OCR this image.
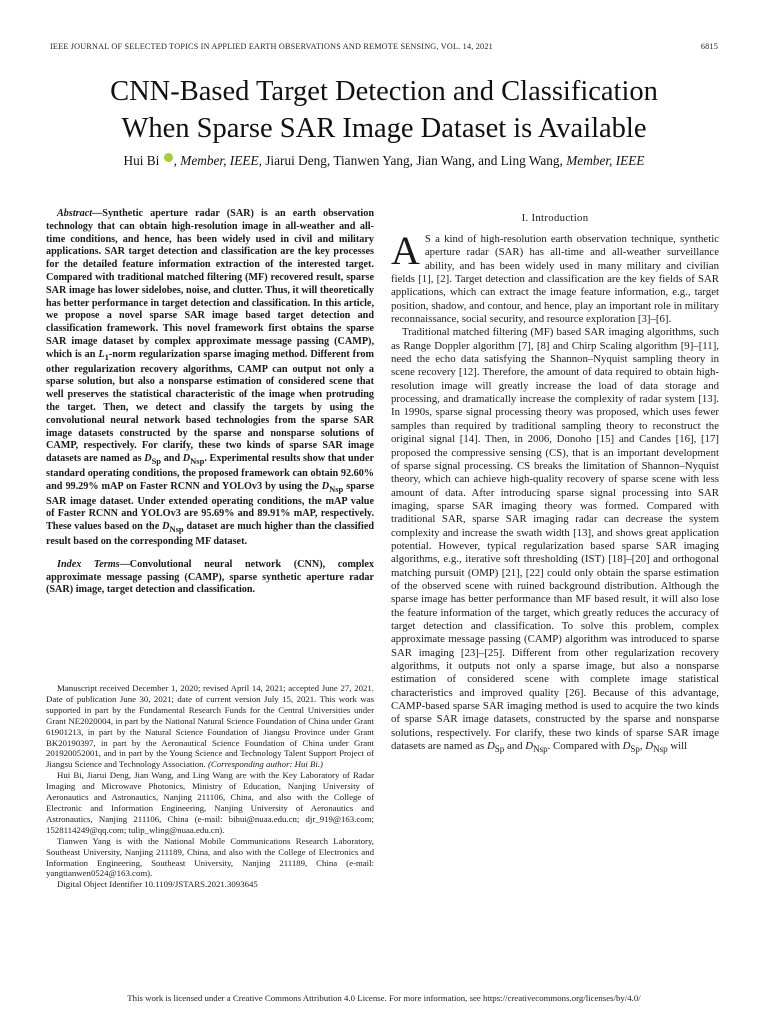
IEEE JOURNAL OF SELECTED TOPICS IN APPLIED EARTH OBSERVATIONS AND REMOTE SENSING, VOL. 14, 2021	6815
CNN-Based Target Detection and Classification
When Sparse SAR Image Dataset is Available
Hui Bi , Member, IEEE, Jiarui Deng, Tianwen Yang, Jian Wang, and Ling Wang, Member, IEEE

Abstract—Synthetic aperture radar (SAR) is an earth observation technology that can obtain high-resolution image in all-weather and all-time conditions, and hence, has been widely used in civil and military applications. SAR target detection and classification are the key processes for the detailed feature information extraction of the interested target. Compared with traditional matched filtering (MF) recovered result, sparse SAR image has lower sidelobes, noise, and clutter. Thus, it will theoretically has better performance in target detection and classification. In this article, we propose a novel sparse SAR image based target detection and classification framework. This novel framework first obtains the sparse SAR image dataset by complex approximate message passing (CAMP), which is an $L_1$-norm regularization sparse imaging method. Different from other regularization recovery algorithms, CAMP can output not only a sparse solution, but also a nonsparse estimation of considered scene that well preserves the statistical characteristic of the image when protruding the target. Then, we detect and classify the targets by using the convolutional neural network based technologies from the sparse SAR image datasets constructed by the sparse and nonsparse solutions of CAMP, respectively. For clarify, these two kinds of sparse SAR image datasets are named as $D_{Sp}$ and $D_{Nsp}$. Experimental results show that under standard operating conditions, the proposed framework can obtain 92.60% and 99.29% mAP on Faster RCNN and YOLOv3 by using the $D_{Nsp}$ sparse SAR image dataset. Under extended operating conditions, the mAP value of Faster RCNN and YOLOv3 are 95.69% and 89.91% mAP, respectively. These values based on the $D_{Nsp}$ dataset are much higher than the classified result based on the corresponding MF dataset.

Index Terms—Convolutional neural network (CNN), complex approximate message passing (CAMP), sparse synthetic aperture radar (SAR) image, target detection and classification.

Manuscript received December 1, 2020; revised April 14, 2021; accepted June 27, 2021. Date of publication June 30, 2021; date of current version July 15, 2021. This work was supported in part by the Fundamental Research Funds for the Central Universities under Grant NE2020004, in part by the National Natural Science Foundation of China under Grant 61901213, in part by the Natural Science Foundation of Jiangsu Province under Grant BK20190397, in part by the Aeronautical Science Foundation of China under Grant 201920052001, and in part by the Young Science and Technology Talent Support Project of Jiangsu Science and Technology Association. (Corresponding author: Hui Bi.)

Hui Bi, Jiarui Deng, Jian Wang, and Ling Wang are with the Key Laboratory of Radar Imaging and Microwave Photonics, Ministry of Education, Nanjing University of Aeronautics and Astronautics, Nanjing 211106, China, and also with the College of Electronic and Information Engineering, Nanjing University of Aeronautics and Astronautics, Nanjing 211106, China (e-mail: bihui@nuaa.edu.cn; djr_919@163.com; 1528114249@qq.com; tulip_wling@nuaa.edu.cn).

Tianwen Yang is with the National Mobile Communications Research Laboratory, Southeast University, Nanjing 211189, China, and also with the College of Electronics and Information Engineering, Southeast University, Nanjing 211189, China (e-mail: yangtianwen0524@163.com).

Digital Object Identifier 10.1109/JSTARS.2021.3093645

I. Introduction

A S a kind of high-resolution earth observation technique, synthetic aperture radar (SAR) has all-time and all-weather surveillance ability, and has been widely used in many military and civilian fields [1], [2]. Target detection and classification are the key fields of SAR applications, which can extract the image feature information, e.g., target position, shadow, and contour, and hence, play an important role in military reconnaissance, social security, and resource exploration [3]–[6].

Traditional matched filtering (MF) based SAR imaging algorithms, such as Range Doppler algorithm [7], [8] and Chirp Scaling algorithm [9]–[11], need the echo data satisfying the Shannon–Nyquist sampling theory in scene recovery [12]. Therefore, the amount of data required to obtain high-resolution image will greatly increase the load of data storage and processing, and dramatically increase the complexity of radar system [13]. In 1990s, sparse signal processing theory was proposed, which uses fewer samples than required by traditional sampling theory to reconstruct the original signal [14]. Then, in 2006, Donoho [15] and Candes [16], [17] proposed the compressive sensing (CS), that is an important development of sparse signal processing. CS breaks the limitation of Shannon–Nyquist theory, which can achieve high-quality recovery of sparse scene with less amount of data. After introducing sparse signal processing into SAR imaging, sparse SAR imaging theory was formed. Compared with traditional SAR, sparse SAR imaging radar can decrease the system complexity and increase the swath width [13], and shows great application potential. However, typical regularization based sparse SAR imaging algorithms, e.g., iterative soft thresholding (IST) [18]–[20] and orthogonal matching pursuit (OMP) [21], [22] could only obtain the sparse estimation of the observed scene with ruined background distribution. Although the sparse image has better performance than MF based result, it will also lose the feature information of the target, which greatly reduces the accuracy of target detection and classification. To solve this problem, complex approximate message passing (CAMP) algorithm was introduced to sparse SAR imaging [23]–[25]. Different from other regularization recovery algorithms, it outputs not only a sparse image, but also a nonsparse estimation of considered scene with complete image statistical characteristics and improved quality [26]. Because of this advantage, CAMP-based sparse SAR imaging method is used to acquire the two kinds of sparse SAR image datasets, constructed by the sparse and nonsparse solutions, respectively. For clarify, these two kinds of sparse SAR image datasets are named as $D_{Sp}$ and $D_{Nsp}$. Compared with $D_{Sp}$, $D_{Nsp}$ will

This work is licensed under a Creative Commons Attribution 4.0 License. For more information, see https://creativecommons.org/licenses/by/4.0/
